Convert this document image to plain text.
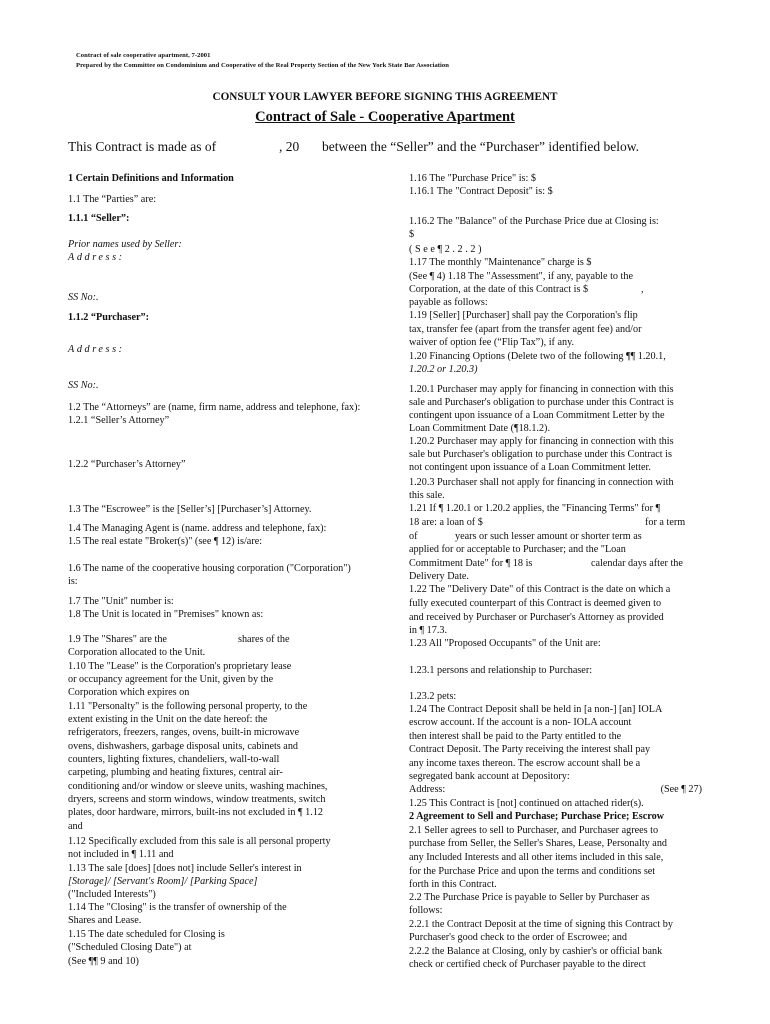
Contract of sale cooperative apartment, 7-2001
Prepared by the Committee on Condominium and Cooperative of the Real Property Section of the New York State Bar Association
CONSULT YOUR LAWYER BEFORE SIGNING THIS AGREEMENT
Contract of Sale - Cooperative Apartment
This Contract is made as of	, 20 between the “Seller” and the “Purchaser” identified below.
1 Certain Definitions and Information
1.1 The “Parties” are:
1.1.1 “Seller”:
Prior names used by Seller:
Address:
SS No:.
1.1.2 “Purchaser”:
Address:
SS No:.
1.2 The “Attorneys” are (name, firm name, address and telephone, fax):
1.2.1 “Seller’s Attorney”
1.2.2 “Purchaser’s Attorney”
1.3 The “Escrowee” is the [Seller’s] [Purchaser’s] Attorney.
1.4 The Managing Agent is (name. address and telephone, fax):
1.5 The real estate "Broker(s)" (see ¶ 12) is/are:
1.6 The name of the cooperative housing corporation ("Corporation")
is:
1.7 The "Unit" number is:
1.8 The Unit is located in "Premises" known as:
1.9 The "Shares" are the	shares of the
Corporation allocated to the Unit.
1.10 The "Lease" is the Corporation's proprietary lease
or occupancy agreement for the Unit, given by the
Corporation which expires on
1.11 "Personalty" is the following personal property, to the
extent existing in the Unit on the date hereof: the
refrigerators, freezers, ranges, ovens, built-in microwave
ovens, dishwashers, garbage disposal units, cabinets and
counters, lighting fixtures, chandeliers, wall-to-wall
carpeting, plumbing and heating fixtures, central air-
conditioning and/or window or sleeve units, washing machines,
dryers, screens and storm windows, window treatments, switch
plates, door hardware, mirrors, built-ins not excluded in ¶ 1.12
and
1.12 Specifically excluded from this sale is all personal property
not included in ¶ 1.11 and
1.13 The sale [does] [does not] include Seller's interest in
[Storage]/ [Servant's Room]/ [Parking Space]
("Included Interests")
1.14 The "Closing" is the transfer of ownership of the
Shares and Lease.
1.15 The date scheduled for Closing is
("Scheduled Closing Date") at
(See ¶¶ 9 and 10)
1.16 The "Purchase Price" is: $
1.16.1 The "Contract Deposit" is: $
1.16.2 The "Balance" of the Purchase Price due at Closing is:
$
(See¶2.2.2)
1.17 The monthly "Maintenance" charge is $
(See ¶ 4) 1.18 The "Assessment", if any, payable to the
Corporation, at the date of this Contract is $	,
payable as follows:
1.19 [Seller] [Purchaser] shall pay the Corporation's flip
tax, transfer fee (apart from the transfer agent fee) and/or
waiver of option fee (“Flip Tax”), if any.
1.20 Financing Options (Delete two of the following ¶¶ 1.20.1,
1.20.2 or 1.20.3)
1.20.1 Purchaser may apply for financing in connection with this
sale and Purchaser's obligation to purchase under this Contract is
contingent upon issuance of a Loan Commitment Letter by the
Loan Commitment Date (¶18.1.2).
1.20.2 Purchaser may apply for financing in connection with this
sale but Purchaser's obligation to purchase under this Contract is
not contingent upon issuance of a Loan Commitment letter.
1.20.3 Purchaser shall not apply for financing in connection with
this sale.
1.21 If ¶ 1.20.1 or 1.20.2 applies, the "Financing Terms" for ¶
18 are: a loan of $	for a term
of	years or such lesser amount or shorter term as
applied for or acceptable to Purchaser; and the "Loan
Commitment Date" for ¶ 18 is	calendar days after the
Delivery Date.
1.22 The "Delivery Date" of this Contract is the date on which a
fully executed counterpart of this Contract is deemed given to
and received by Purchaser or Purchaser's Attorney as provided
in ¶ 17.3.
1.23 All "Proposed Occupants" of the Unit are:
1.23.1 persons and relationship to Purchaser:
1.23.2 pets:
1.24 The Contract Deposit shall be held in [a non-] [an] IOLA
escrow account. If the account is a non- IOLA account
then interest shall be paid to the Party entitled to the
Contract Deposit. The Party receiving the interest shall pay
any income taxes thereon. The escrow account shall be a
segregated bank account at Depository:
Address:	(See ¶ 27)
1.25 This Contract is [not] continued on attached rider(s).
2 Agreement to Sell and Purchase; Purchase Price; Escrow
2.1 Seller agrees to sell to Purchaser, and Purchaser agrees to
purchase from Seller, the Seller's Shares, Lease, Personalty and
any Included Interests and all other items included in this sale,
for the Purchase Price and upon the terms and conditions set
forth in this Contract.
2.2 The Purchase Price is payable to Seller by Purchaser as
follows:
2.2.1 the Contract Deposit at the time of signing this Contract by
Purchaser's good check to the order of Escrowee; and
2.2.2 the Balance at Closing, only by cashier's or official bank
check or certified check of Purchaser payable to the direct
